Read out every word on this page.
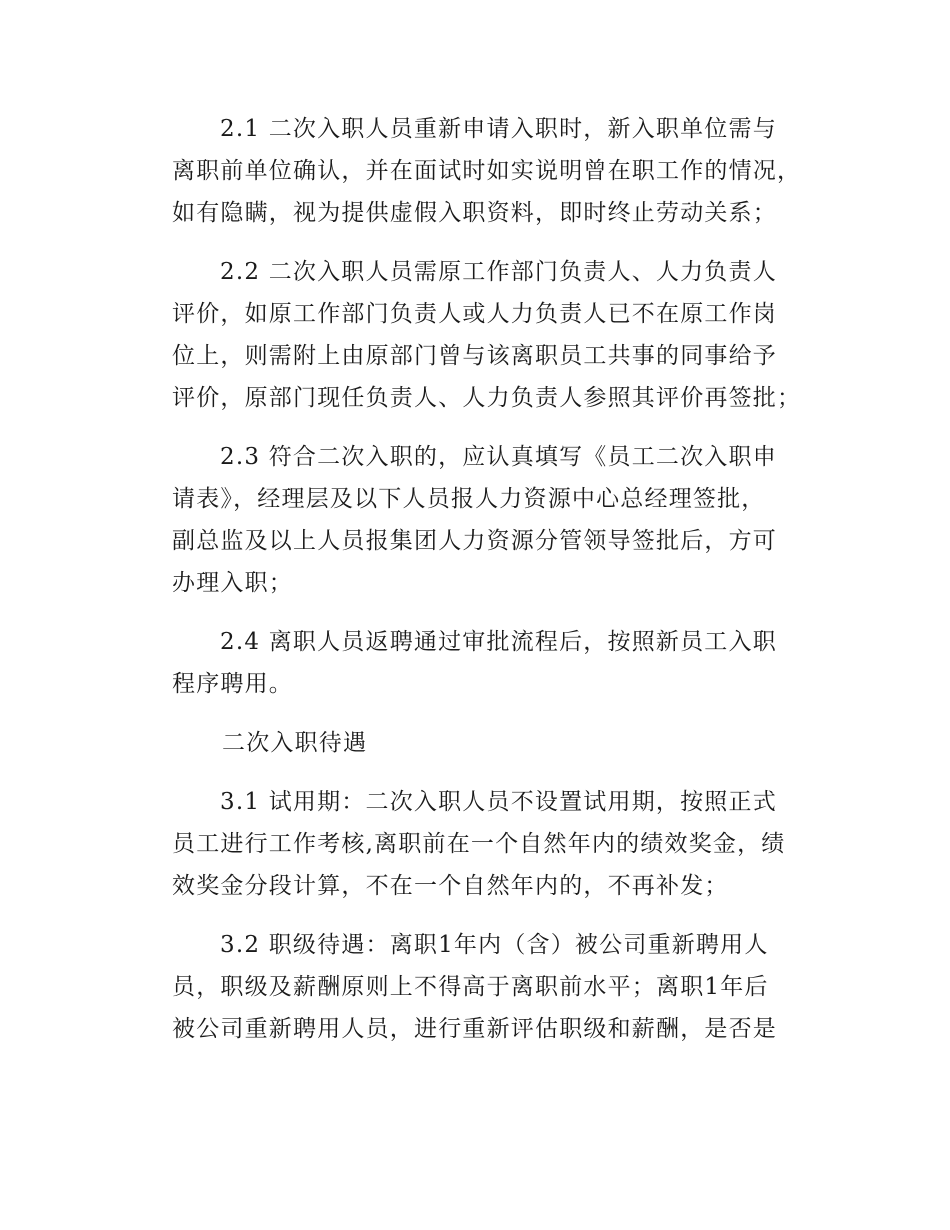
2.1 二次入职人员重新申请入职时，新入职单位需与
离职前单位确认，并在面试时如实说明曾在职工作的情况，
如有隐瞒，视为提供虚假入职资料，即时终止劳动关系；

2.2 二次入职人员需原工作部门负责人、人力负责人
评价，如原工作部门负责人或人力负责人已不在原工作岗
位上，则需附上由原部门曾与该离职员工共事的同事给予
评价，原部门现任负责人、人力负责人参照其评价再签批；

2.3 符合二次入职的，应认真填写《员工二次入职申
请表》，经理层及以下人员报人力资源中心总经理签批，
副总监及以上人员报集团人力资源分管领导签批后，方可
办理入职；

2.4 离职人员返聘通过审批流程后，按照新员工入职
程序聘用。

二次入职待遇

3.1 试用期：二次入职人员不设置试用期，按照正式
员工进行工作考核,离职前在一个自然年内的绩效奖金，绩
效奖金分段计算，不在一个自然年内的，不再补发；

3.2 职级待遇：离职1年内（含）被公司重新聘用人
员，职级及薪酬原则上不得高于离职前水平；离职1年后
被公司重新聘用人员，进行重新评估职级和薪酬，是否是
